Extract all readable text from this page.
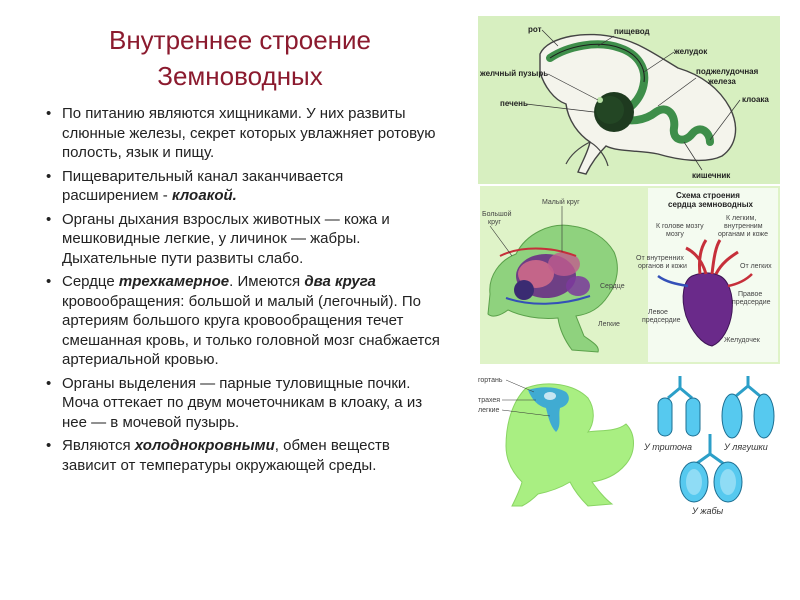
Внутреннее строение
Земноводных
• По питанию являются хищниками. У них развиты слюнные железы, секрет которых увлажняет ротовую полость, язык и пищу.
• Пищеварительный канал заканчивается расширением - клоакой.
• Органы дыхания взрослых животных — кожа и мешковидные легкие, у личинок — жабры. Дыхательные пути развиты слабо.
• Сердце трехкамерное. Имеются два круга кровообращения: большой и малый (легочный). По артериям большого круга кровообращения течет смешанная кровь, и только головной мозг снабжается артериальной кровью.
• Органы выделения — парные туловищные почки. Моча оттекает по двум мочеточникам в клоаку, а из нее — в мочевой пузырь.
• Являются холоднокровными, обмен веществ зависит от температуры окружающей среды.
рот	пищевод
желудок
поджелудочная
железа
желчный пузырь
печень	клоака
кишечник
Большой
круг
Малый круг
Сердце
Легкие
Схема строения
сердца земноводных
К голове мозгу
мозгу
К легким,
внутренним
органам и коже
От внутренних
органов и кожи	От легких
Правое
предсердие
Левое
предсердие
Желудочек
гортань
трахея
легкие
У тритона	У лягушки
У жабы
